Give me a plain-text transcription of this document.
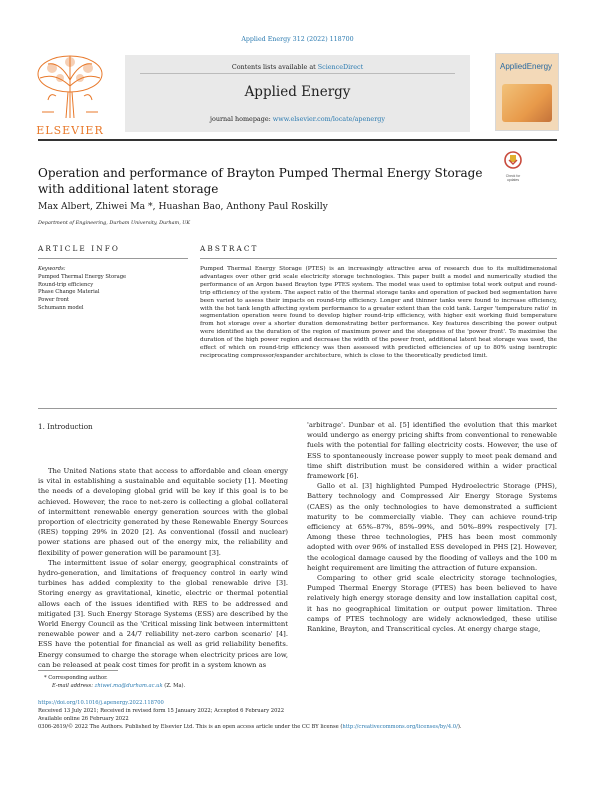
Applied Energy 312 (2022) 118700
Contents lists available at ScienceDirect
Applied Energy
journal homepage: www.elsevier.com/locate/apenergy
ELSEVIER
AppliedEnergy
Operation and performance of Brayton Pumped Thermal Energy Storage with additional latent storage
Max Albert, Zhiwei Ma *, Huashan Bao, Anthony Paul Roskilly
Department of Engineering, Durham University, Durham, UK
Check for updates
ARTICLE INFO
Keywords:
Pumped Thermal Energy Storage
Round-trip efficiency
Phase Change Material
Power front
Schumann model
ABSTRACT
Pumped Thermal Energy Storage (PTES) is an increasingly attractive area of research due to its multidimensional advantages over other grid scale electricity storage technologies. This paper built a model and numerically studied the performance of an Argon based Brayton type PTES system. The model was used to optimise total work output and round-trip efficiency of the system. The aspect ratio of the thermal storage tanks and operation of packed bed segmentation have been varied to assess their impacts on round-trip efficiency. Longer and thinner tanks were found to increase efficiency, with the hot tank length affecting system performance to a greater extent than the cold tank. Larger 'temperature ratio' in segmentation operation were found to develop higher round-trip efficiency, with higher exit working fluid temperature from hot storage over a shorter duration demonstrating better performance. Key features describing the power output were identified as the duration of the region of maximum power and the steepness of the 'power front'. To maximise the duration of the high power region and decrease the width of the power front, additional latent heat storage was used, the effect of which on round-trip efficiency was then assessed with predicted efficiencies of up to 80% using isentropic reciprocating compressor/expander architecture, which is close to the theoretically predicted limit.
1. Introduction

The United Nations state that access to affordable and clean energy is vital in establishing a sustainable and equitable society [1]. Meeting the needs of a developing global grid will be key if this goal is to be achieved. However, the race to net-zero is collecting a global collateral of intermittent renewable energy generation sources with the global proportion of electricity generated by these Renewable Energy Sources (RES) topping 29% in 2020 [2]. As conventional (fossil and nuclear) power stations are phased out of the energy mix, the reliability and flexibility of power generation will be paramount [3].

The intermittent issue of solar energy, geographical constraints of hydro-generation, and limitations of frequency control in early wind turbines has added complexity to the global renewable drive [3]. Storing energy as gravitational, kinetic, electric or thermal potential allows each of the issues identified with RES to be addressed and mitigated [3]. Such Energy Storage Systems (ESS) are described by the World Energy Council as the 'Critical missing link between intermittent renewable power and a 24/7 reliability net-zero carbon scenario' [4]. ESS have the potential for financial as well as grid reliability benefits. Energy consumed to charge the storage when electricity prices are low, can be released at peak cost times for profit in a system known as

'arbitrage'. Dunbar et al. [5] identified the evolution that this market would undergo as energy pricing shifts from conventional to renewable fuels with the potential for falling electricity costs. However, the use of ESS to spontaneously increase power supply to meet peak demand and time shift distribution must be considered within a wider practical framework [6].

Gallo et al. [3] highlighted Pumped Hydroelectric Storage (PHS), Battery technology and Compressed Air Energy Storage Systems (CAES) as the only technologies to have demonstrated a sufficient maturity to be commercially viable. They can achieve round-trip efficiency at 65%–87%, 85%–99%, and 50%–89% respectively [7]. Among these three technologies, PHS has been most commonly adopted with over 96% of installed ESS developed in PHS [2]. However, the ecological damage caused by the flooding of valleys and the 100 m height requirement are limiting the attraction of future expansion.

Comparing to other grid scale electricity storage technologies, Pumped Thermal Energy Storage (PTES) has been believed to have relatively high energy storage density and low installation capital cost, it has no geographical limitation or output power limitation. Three camps of PTES technology are widely acknowledged, these utilise Rankine, Brayton, and Transcritical cycles. At energy charge stage,

* Corresponding author.
E-mail address: zhiwei.ma@durham.ac.uk (Z. Ma).
https://doi.org/10.1016/j.apenergy.2022.118700
Received 13 July 2021; Received in revised form 15 January 2022; Accepted 6 February 2022
Available online 26 February 2022
0306-2619/© 2022 The Authors. Published by Elsevier Ltd. This is an open access article under the CC BY license (http://creativecommons.org/licenses/by/4.0/).
